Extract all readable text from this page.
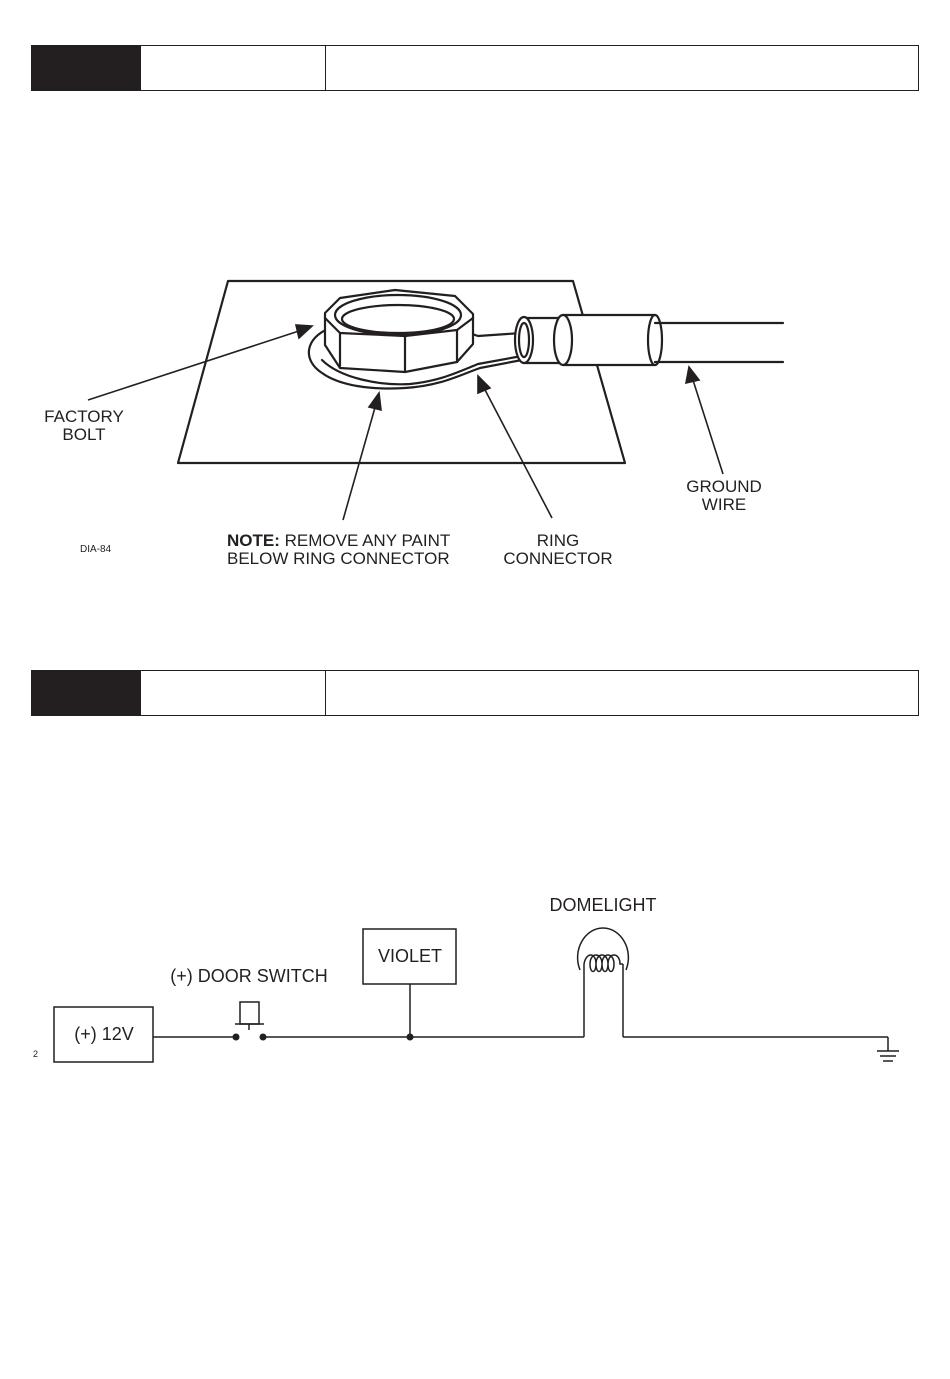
FACTORY
BOLT
NOTE: REMOVE ANY PAINT
BELOW RING CONNECTOR
RING
CONNECTOR
GROUND
WIRE
DIA-84
(+) 12V
(+) DOOR SWITCH
VIOLET
DOMELIGHT
2
